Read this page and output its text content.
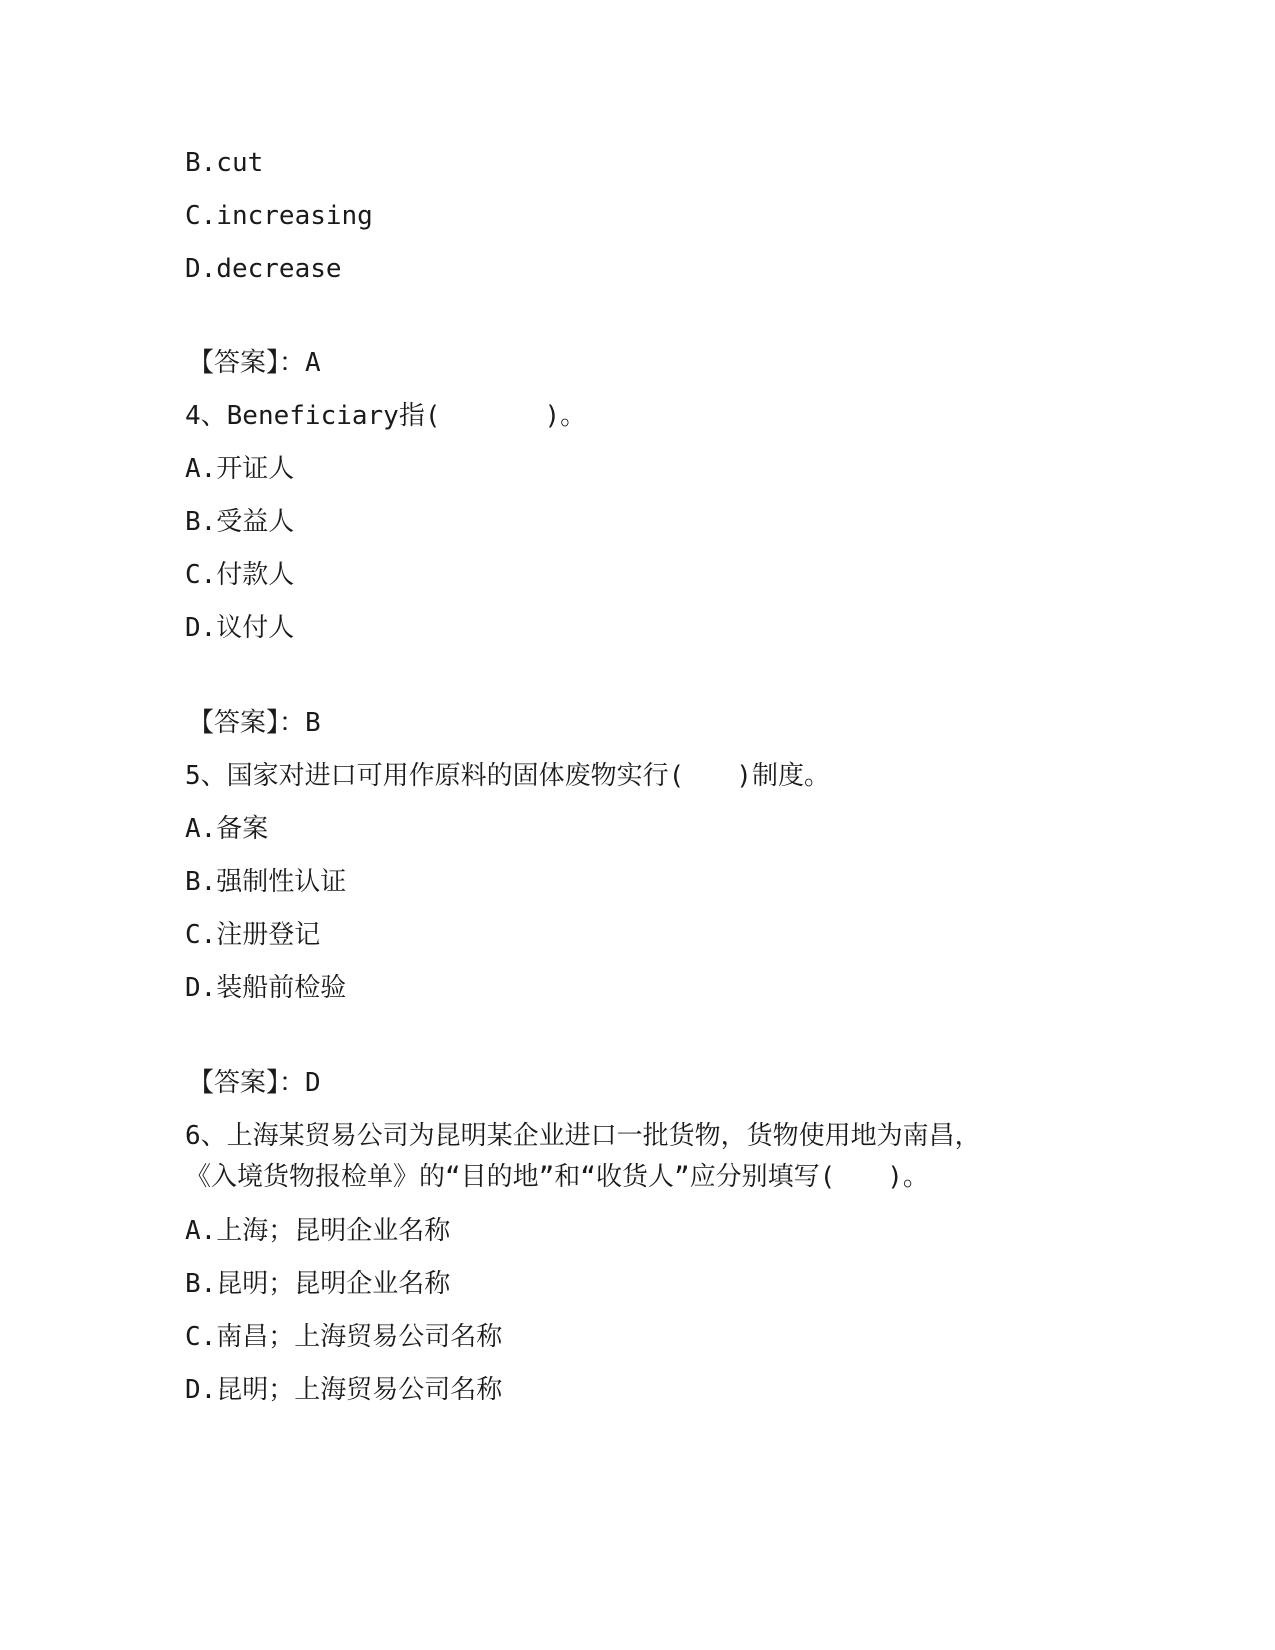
B.cut
C.increasing
D.decrease
【答案】：A
4、Beneficiary指(　　　　)。
A.开证人
B.受益人
C.付款人
D.议付人
【答案】：B
5、国家对进口可用作原料的固体废物实行(　　)制度。
A.备案
B.强制性认证
C.注册登记
D.装船前检验
【答案】：D
6、上海某贸易公司为昆明某企业进口一批货物，货物使用地为南昌，
《入境货物报检单》的“目的地”和“收货人”应分别填写(　　)。
A.上海；昆明企业名称
B.昆明；昆明企业名称
C.南昌；上海贸易公司名称
D.昆明；上海贸易公司名称
